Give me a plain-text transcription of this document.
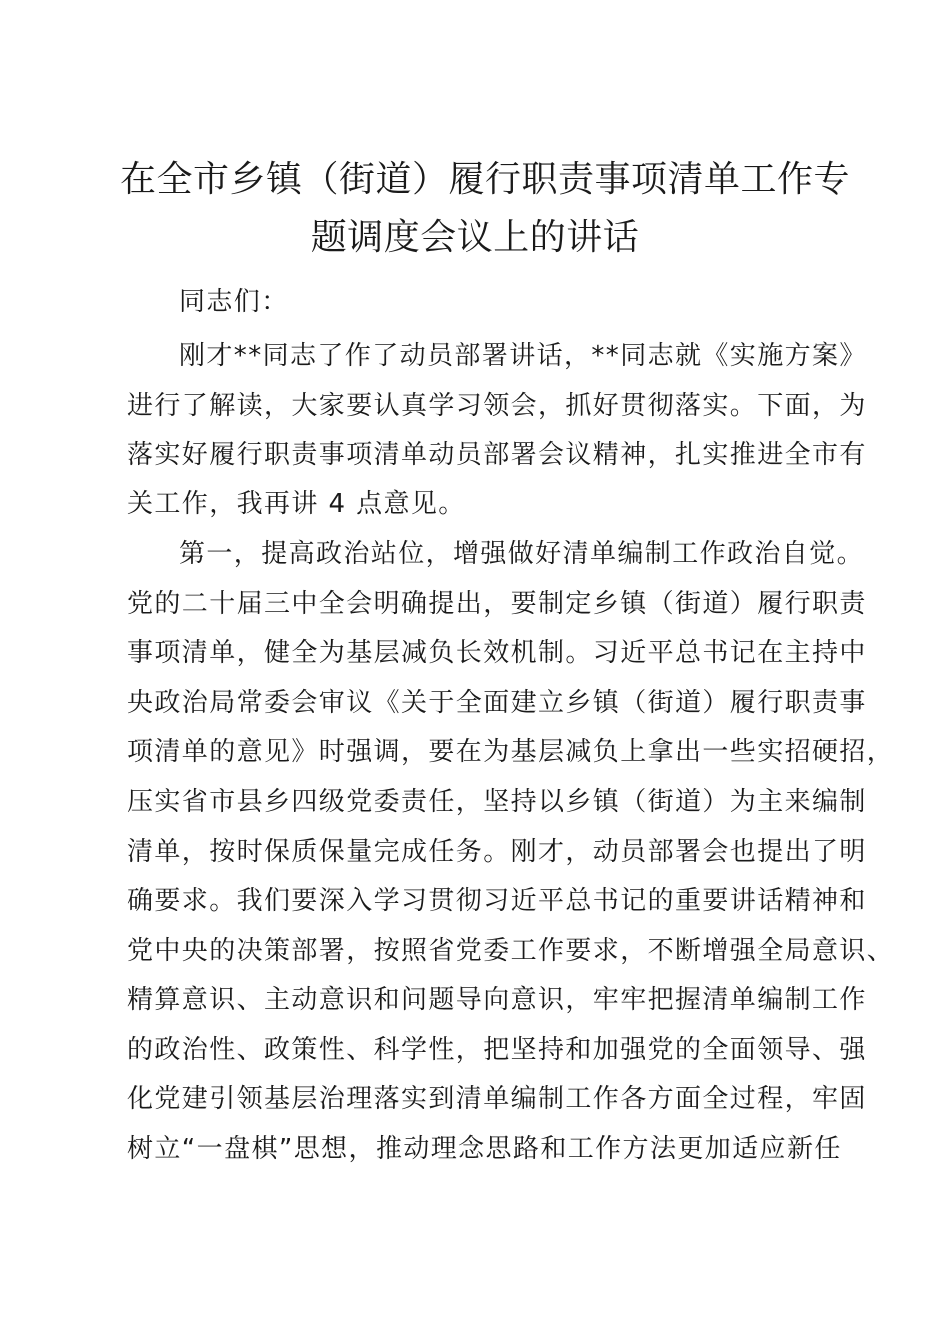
在全市乡镇（街道）履行职责事项清单工作专
题调度会议上的讲话
同志们：
刚才**同志了作了动员部署讲话，**同志就《实施方案》
进行了解读，大家要认真学习领会，抓好贯彻落实。下面，为
落实好履行职责事项清单动员部署会议精神，扎实推进全市有
关工作，我再讲 4 点意见。
第一，提高政治站位，增强做好清单编制工作政治自觉。
党的二十届三中全会明确提出，要制定乡镇（街道）履行职责
事项清单，健全为基层减负长效机制。习近平总书记在主持中
央政治局常委会审议《关于全面建立乡镇（街道）履行职责事
项清单的意见》时强调，要在为基层减负上拿出一些实招硬招，
压实省市县乡四级党委责任，坚持以乡镇（街道）为主来编制
清单，按时保质保量完成任务。刚才，动员部署会也提出了明
确要求。我们要深入学习贯彻习近平总书记的重要讲话精神和
党中央的决策部署，按照省党委工作要求，不断增强全局意识、
精算意识、主动意识和问题导向意识，牢牢把握清单编制工作
的政治性、政策性、科学性，把坚持和加强党的全面领导、强
化党建引领基层治理落实到清单编制工作各方面全过程，牢固
树立“一盘棋”思想，推动理念思路和工作方法更加适应新任
